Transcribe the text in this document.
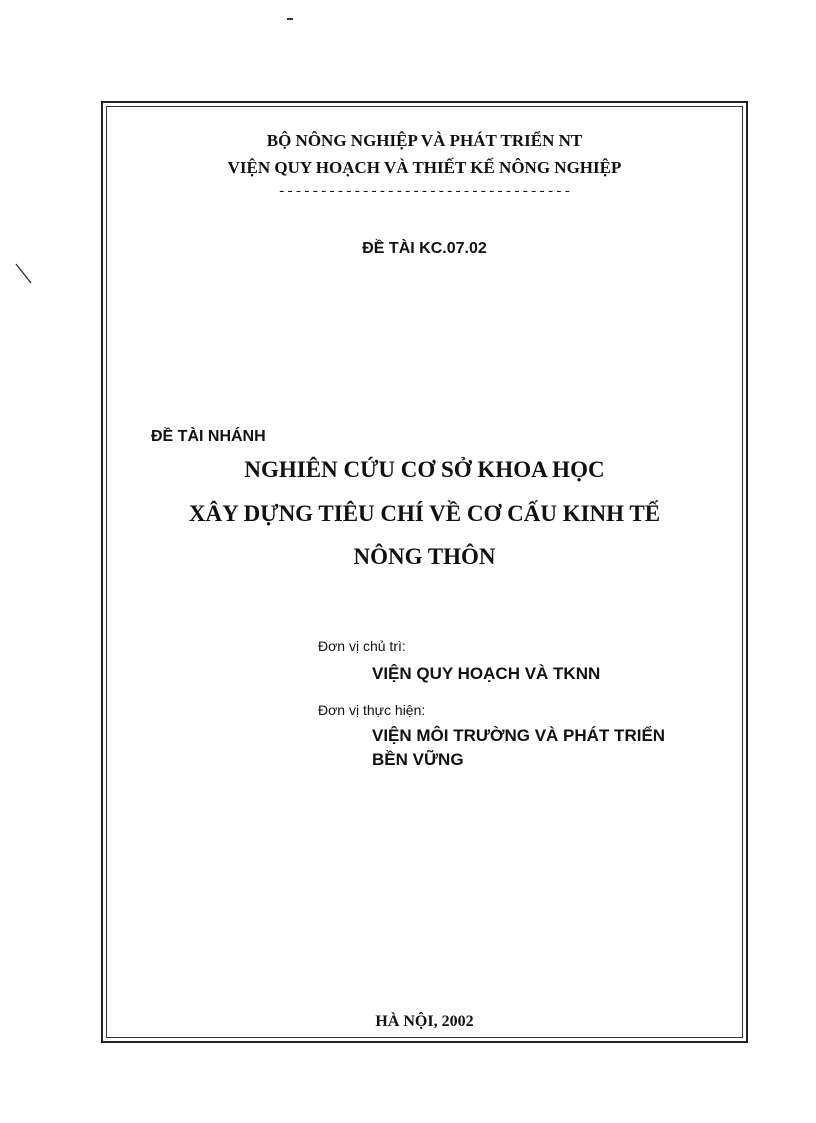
BỘ NÔNG NGHIỆP VÀ PHÁT TRIỂN NT
VIỆN QUY HOẠCH VÀ THIẾT KẾ NÔNG NGHIỆP
-----------------------------------
ĐỀ TÀI KC.07.02
ĐỀ TÀI NHÁNH
NGHIÊN CỨU CƠ SỞ KHOA HỌC
XÂY DỰNG TIÊU CHÍ VỀ CƠ CẤU KINH TẾ
NÔNG THÔN
Đơn vị chủ trì:
VIỆN QUY HOẠCH VÀ TKNN
Đơn vị thực hiện:
VIỆN MÔI TRƯỜNG VÀ PHÁT TRIỂN
BỀN VỮNG
HÀ NỘI, 2002
